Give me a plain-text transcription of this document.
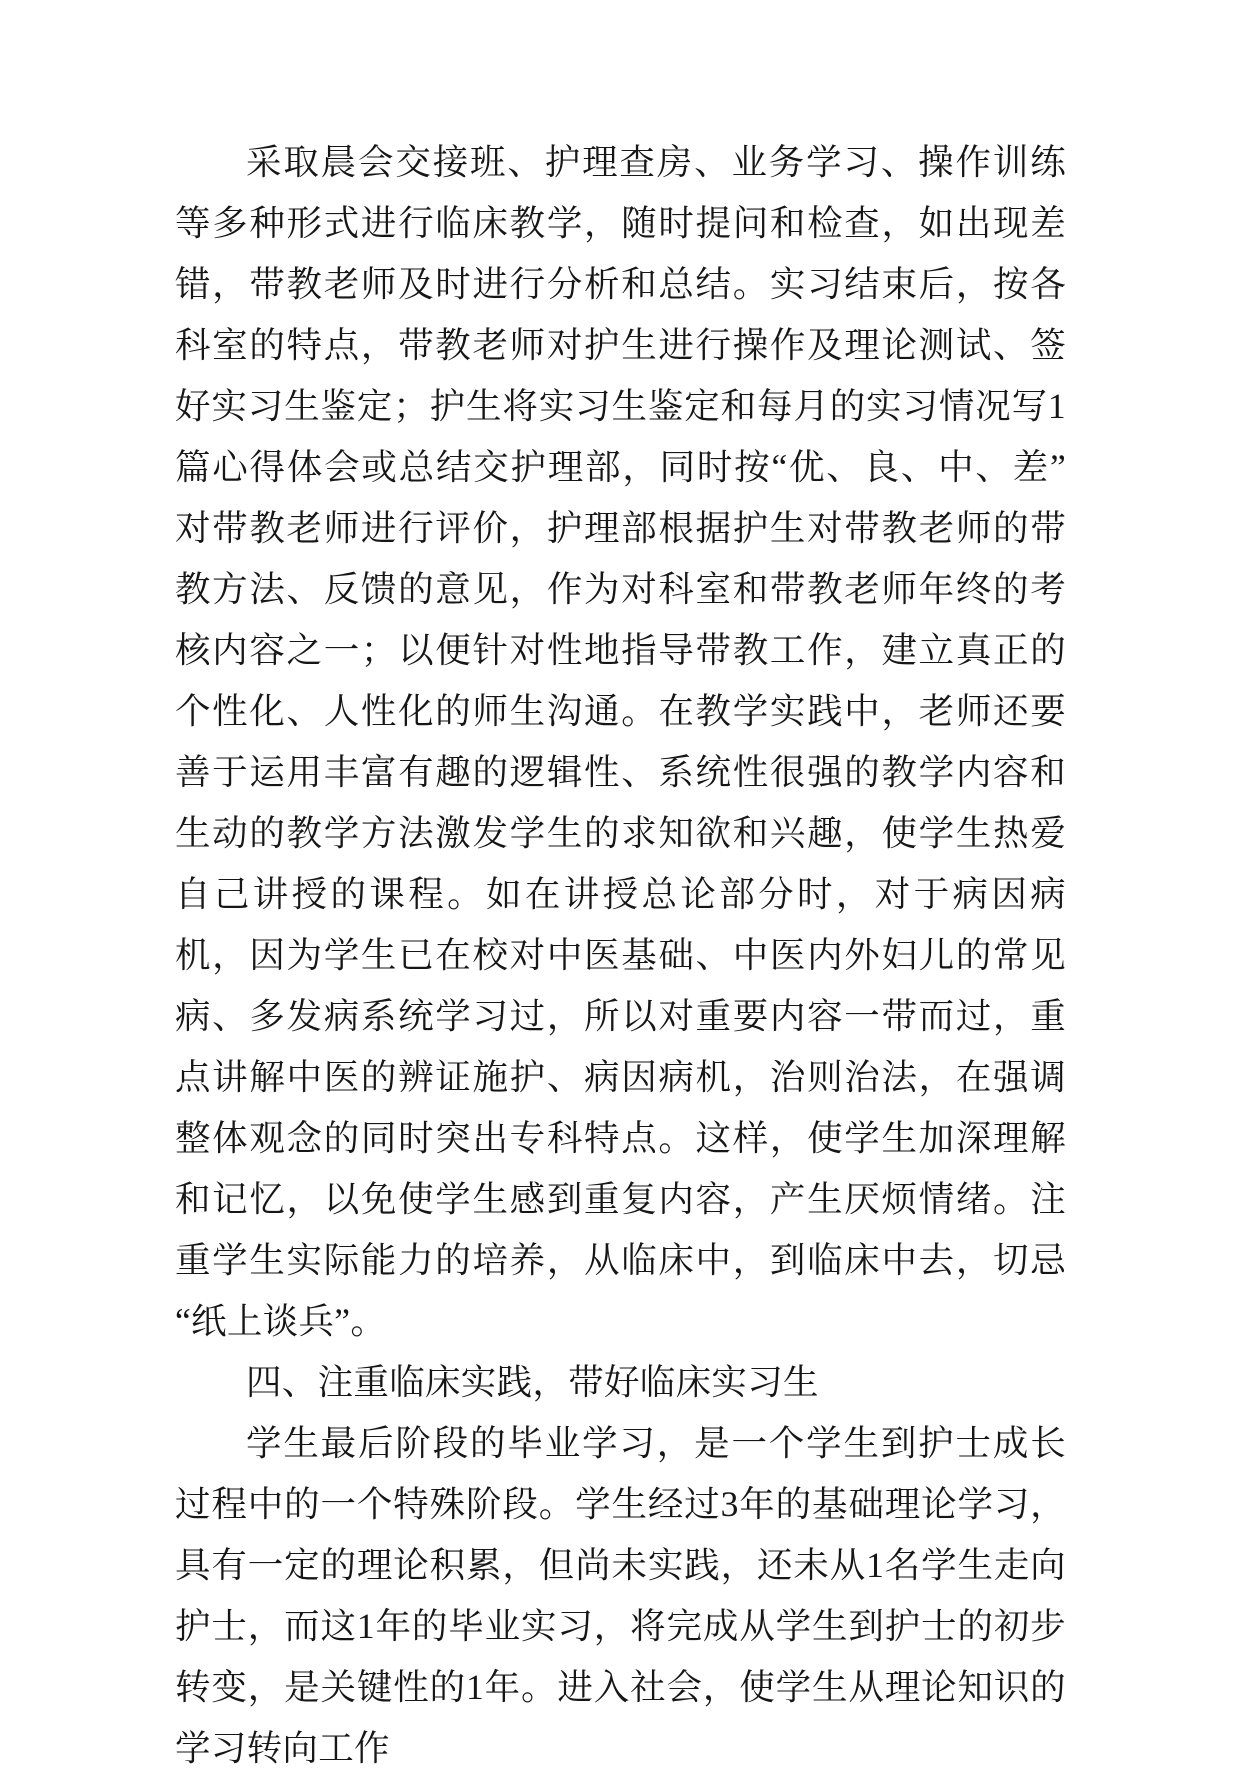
采取晨会交接班、护理查房、业务学习、操作训练等多种形式进行临床教学，随时提问和检查，如出现差错，带教老师及时进行分析和总结。实习结束后，按各科室的特点，带教老师对护生进行操作及理论测试、签好实习生鉴定；护生将实习生鉴定和每月的实习情况写1篇心得体会或总结交护理部，同时按“优、良、中、差”对带教老师进行评价，护理部根据护生对带教老师的带教方法、反馈的意见，作为对科室和带教老师年终的考核内容之一；以便针对性地指导带教工作，建立真正的个性化、人性化的师生沟通。在教学实践中，老师还要善于运用丰富有趣的逻辑性、系统性很强的教学内容和生动的教学方法激发学生的求知欲和兴趣，使学生热爱自己讲授的课程。如在讲授总论部分时，对于病因病机，因为学生已在校对中医基础、中医内外妇儿的常见病、多发病系统学习过，所以对重要内容一带而过，重点讲解中医的辨证施护、病因病机，治则治法，在强调整体观念的同时突出专科特点。这样，使学生加深理解和记忆，以免使学生感到重复内容，产生厌烦情绪。注重学生实际能力的培养，从临床中，到临床中去，切忌“纸上谈兵”。

四、注重临床实践，带好临床实习生

学生最后阶段的毕业学习，是一个学生到护士成长过程中的一个特殊阶段。学生经过3年的基础理论学习，具有一定的理论积累，但尚未实践，还未从1名学生走向护士，而这1年的毕业实习，将完成从学生到护士的初步转变，是关键性的1年。进入社会，使学生从理论知识的学习转向工作
